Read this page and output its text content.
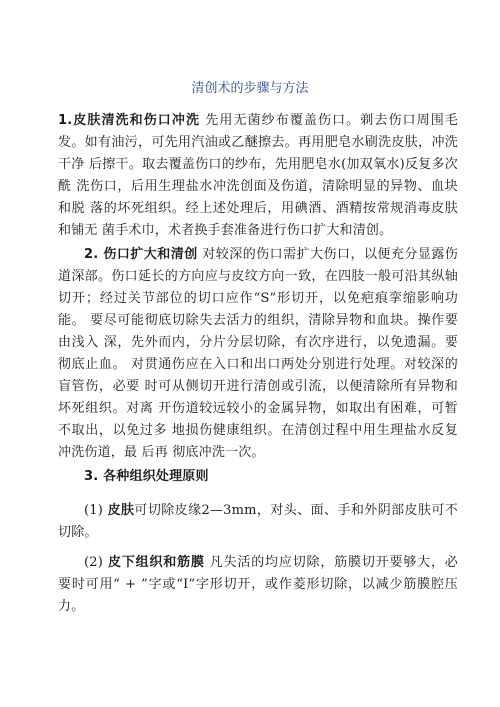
清创术的步骤与方法
1.皮肤清洗和伤口冲洗 先用无菌纱布覆盖伤口。剃去伤口周围毛发。如有油污，可先用汽油或乙醚擦去。再用肥皂水刷洗皮肤，冲洗干净 后擦干。取去覆盖伤口的纱布，先用肥皂水(加双氧水)反复多次酰 洗伤口，后用生理盐水冲洗创面及伤道，清除明显的异物、血块和脱 落的坏死组织。经上述处理后，用碘酒、酒精按常规消毒皮肤和铺无 菌手术巾，术者换手套准备进行伤口扩大和清创。
2. 伤口扩大和清创 对较深的伤口需扩大伤口，以便充分显露伤 道深部。伤口延长的方向应与皮纹方向一致，在四肢一般可沿其纵轴 切开；经过关节部位的切口应作“S”形切开，以免疤痕挛缩影响功能。 要尽可能彻底切除失去活力的组织，清除异物和血块。操作要由浅入 深，先外而内，分片分层切除，有次序进行，以免遗漏。要彻底止血。 对贯通伤应在入口和出口两处分别进行处理。对较深的盲管伤，必要 时可从侧切开进行清创或引流，以便清除所有异物和坏死组织。对离 开伤道较远较小的金属异物，如取出有困难，可暂不取出，以免过多 地损伤健康组织。在清创过程中用生理盐水反复冲洗伤道，最 后再 彻底冲洗一次。
3. 各种组织处理原则
(1) 皮肤可切除皮缘2—3mm，对头、面、手和外阴部皮肤可不 切除。
(2) 皮下组织和筋膜 凡失活的均应切除，筋膜切开要够大，必 要时可用“ + ”字或“I”字形切开，或作菱形切除，以减少筋膜腔压 力。
